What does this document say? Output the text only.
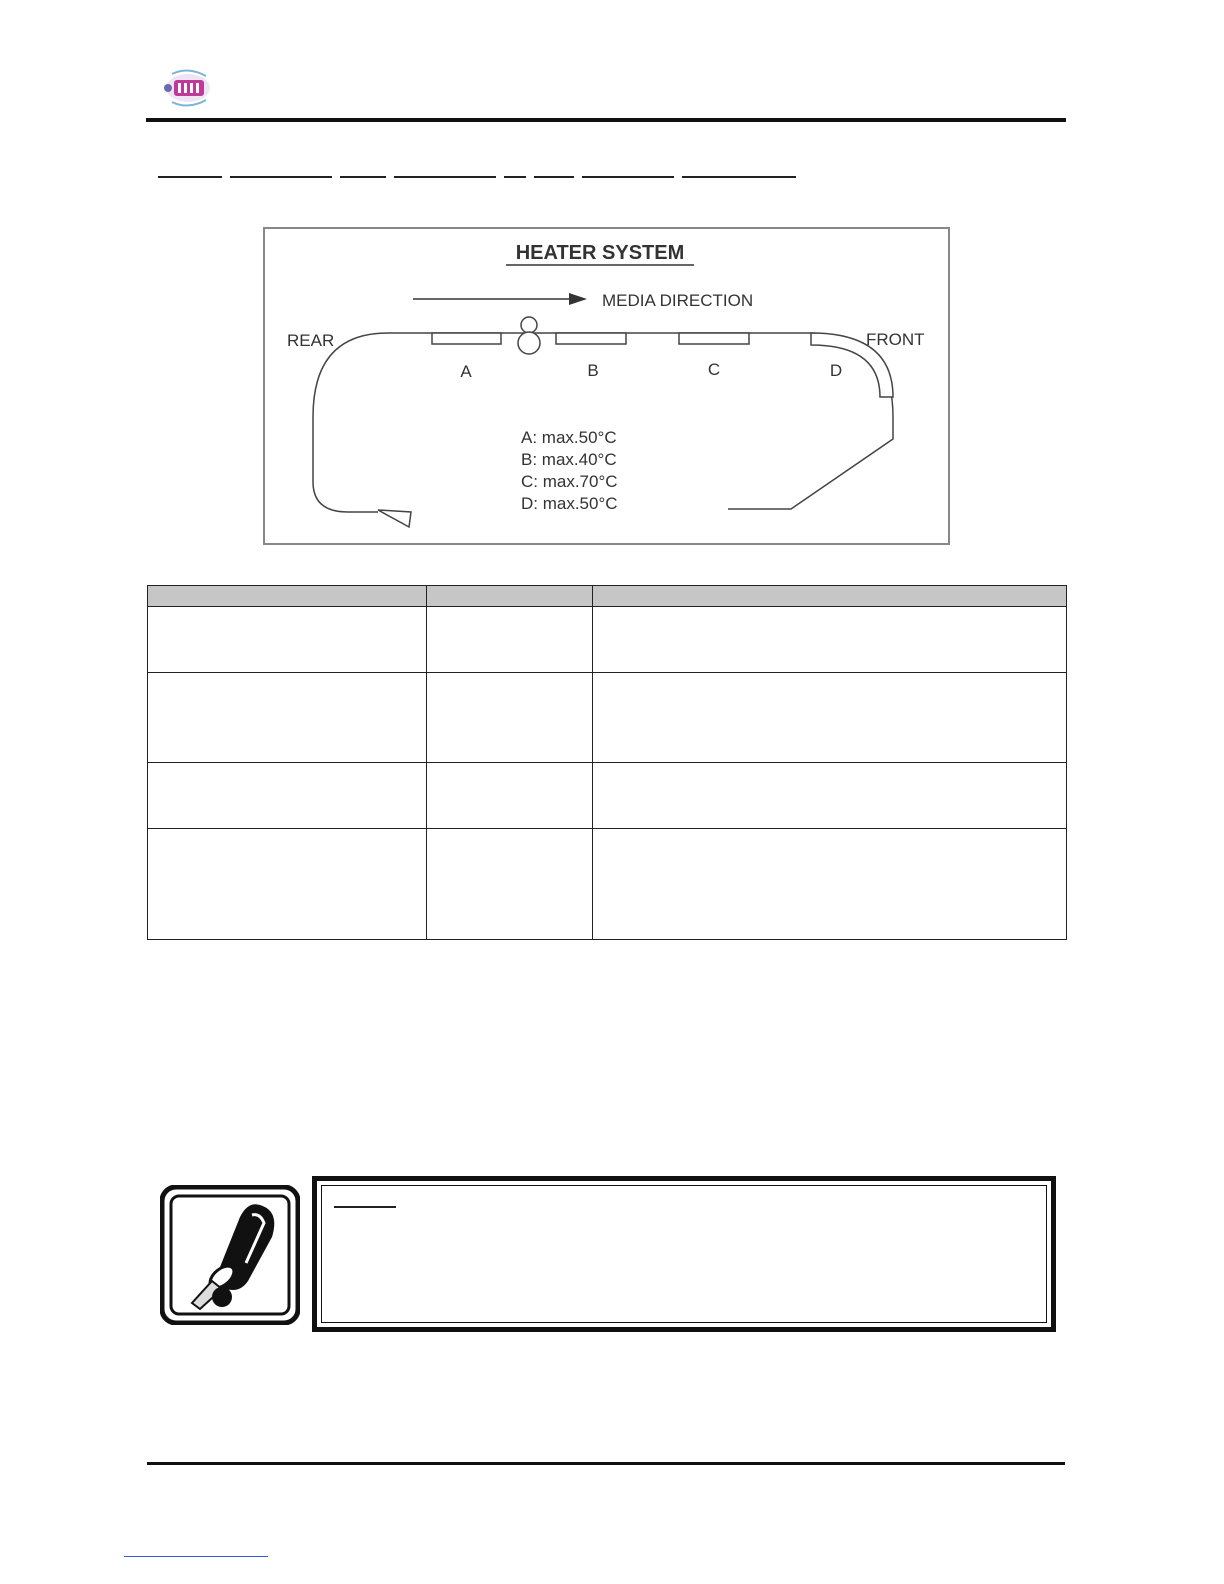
HEATER SYSTEM
MEDIA DIRECTION
REAR	FRONT
A	B	C	D
A: max.50°C
B: max.40°C
C: max.70°C
D: max.50°C
